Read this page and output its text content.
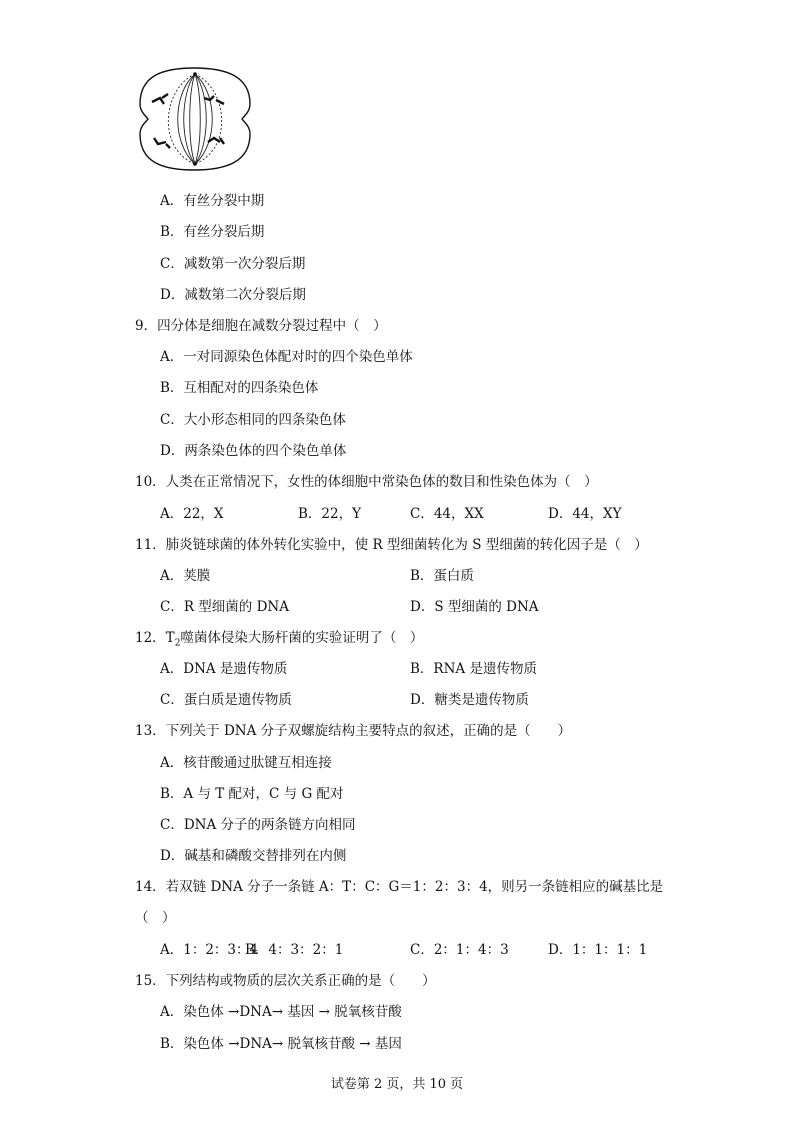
A．有丝分裂中期
B．有丝分裂后期
C．减数第一次分裂后期
D．减数第二次分裂后期
9．四分体是细胞在减数分裂过程中（　）
A．一对同源染色体配对时的四个染色单体
B．互相配对的四条染色体
C．大小形态相同的四条染色体
D．两条染色体的四个染色单体
10．人类在正常情况下，女性的体细胞中常染色体的数目和性染色体为（　）
A．22，X	B．22，Y	C．44，XX	D．44，XY
11．肺炎链球菌的体外转化实验中，使 R 型细菌转化为 S 型细菌的转化因子是（　）
A．荚膜	B．蛋白质
C．R 型细菌的 DNA	D．S 型细菌的 DNA
12．$T_2$噬菌体侵染大肠杆菌的实验证明了（　）
A．DNA 是遗传物质	B．RNA 是遗传物质
C．蛋白质是遗传物质	D．糖类是遗传物质
13．下列关于 DNA 分子双螺旋结构主要特点的叙述，正确的是（　　）
A．核苷酸通过肽键互相连接
B．A 与 T 配对，C 与 G 配对
C．DNA 分子的两条链方向相同
D．碱基和磷酸交替排列在内侧
14．若双链 DNA 分子一条链 A：T：C：G＝1：2：3：4，则另一条链相应的碱基比是
（　）
A．1：2：3：4
B．4：3：2：1	C．2：1：4：3	D．1：1：1：1
15．下列结构或物质的层次关系正确的是（　　）
A．染色体 →DNA→ 基因 → 脱氧核苷酸
B．染色体 →DNA→ 脱氧核苷酸 → 基因
试卷第 2 页，共 10 页
